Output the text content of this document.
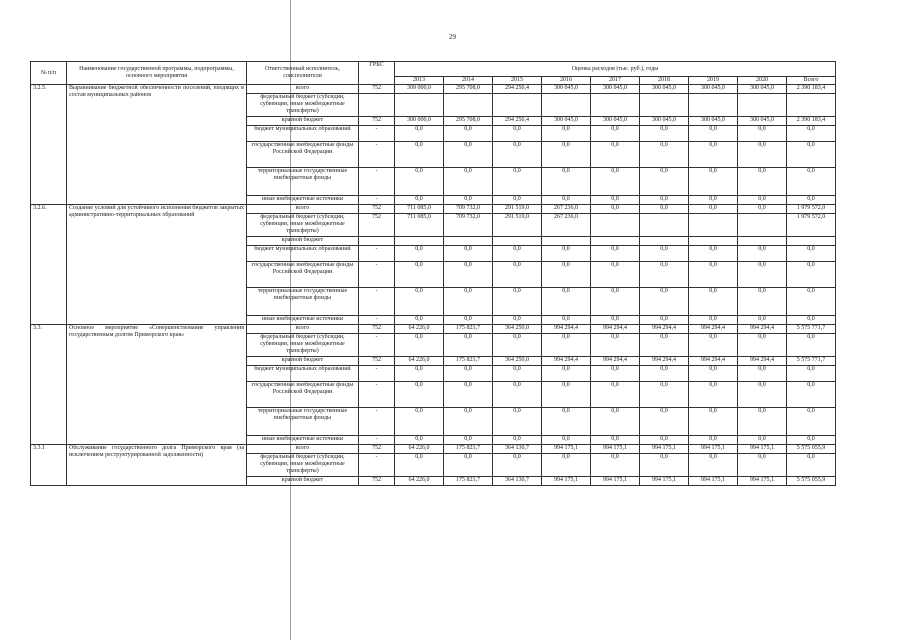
29
№ п/п	Наименование государственной программы, подпрограммы, основного мероприятия	Ответственный исполнитель, соисполнители	ГРБС	Оценка расходов (тыс. руб.), годы								
				2013	2014	2015	2016	2017	2018	2019	2020	Всего
3.2.5.	Выравнивание бюджетной обеспеченности поселений, входящих в состав муниципальных районов	всего	752	309 000,0	295 708,0	294 250,4	300 045,0	300 045,0	300 045,0	300 045,0	300 045,0	2 390 183,4
		федеральный бюджет (субсидии, субвенции, иные межбюджетные трансферты)										
		краевой бюджет	752	300 000,0	295 708,0	294 250,4	300 045,0	300 045,0	300 045,0	300 045,0	300 045,0	2 390 183,4
		бюджет муниципальных образований	-	0,0	0,0	0,0	0,0	0,0	0,0	0,0	0,0	0,0
		государственные внебюджетные фонды Российской Федерации	-	0,0	0,0	0,0	0,0	0,0	0,0	0,0	0,0	0,0
		территориальные государственные внебюджетные фонды	-	0,0	0,0	0,0	0,0	0,0	0,0	0,0	0,0	0,0
		иные внебюджетные источники	-	0,0	0,0	0,0	0,0	0,0	0,0	0,0	0,0	0,0
3.2.6.	Создание условий для устойчивого исполнения бюджетов закрытых административно-территориальных образований	всего	752	711 085,0	709 732,0	291 519,0	267 236,0	0,0	0,0	0,0	0,0	1 979 572,0
		федеральный бюджет (субсидии, субвенции, иные межбюджетные трансферты)	752	711 085,0	709 732,0	291 519,0	267 236,0					1 979 572,0
		краевой бюджет										
		бюджет муниципальных образований	-	0,0	0,0	0,0	0,0	0,0	0,0	0,0	0,0	0,0
		государственные внебюджетные фонды Российской Федерации	-	0,0	0,0	0,0	0,0	0,0	0,0	0,0	0,0	0,0
		территориальные государственные внебюджетные фонды	-	0,0	0,0	0,0	0,0	0,0	0,0	0,0	0,0	0,0
		иные внебюджетные источники	-	0,0	0,0	0,0	0,0	0,0	0,0	0,0	0,0	0,0
3.3.	Основное мероприятие «Совершенствование управления государственным долгом Приморского края»	всего	752	64 226,0	175 823,7	364 250,0	994 294,4	994 294,4	994 294,4	994 294,4	994 294,4	5 575 771,7
		федеральный бюджет (субсидии, субвенции, иные межбюджетные трансферты)	-	0,0	0,0	0,0	0,0	0,0	0,0	0,0	0,0	0,0
		краевой бюджет	752	64 226,0	175 823,7	364 250,0	994 294,4	994 294,4	994 294,4	994 294,4	994 294,4	5 575 771,7
		бюджет муниципальных образований	-	0,0	0,0	0,0	0,0	0,0	0,0	0,0	0,0	0,0
		государственные внебюджетные фонды Российской Федерации	-	0,0	0,0	0,0	0,0	0,0	0,0	0,0	0,0	0,0
		территориальные государственные внебюджетные фонды	-	0,0	0,0	0,0	0,0	0,0	0,0	0,0	0,0	0,0
		иные внебюджетные источники	-	0,0	0,0	0,0	0,0	0,0	0,0	0,0	0,0	0,0
3.3.1	Обслуживание государственного долга Приморского края (за исключением реструктурированной задолженности)	всего	752	64 226,0	175 823,7	364 130,7	994 175,1	994 175,1	994 175,1	994 175,1	994 175,1	5 575 055,9
		федеральный бюджет (субсидии, субвенции, иные межбюджетные трансферты)	-	0,0	0,0	0,0	0,0	0,0	0,0	0,0	0,0	0,0
		краевой бюджет	752	64 226,0	175 823,7	364 130,7	994 175,1	994 175,1	994 175,1	994 175,1	994 175,1	5 575 055,9
